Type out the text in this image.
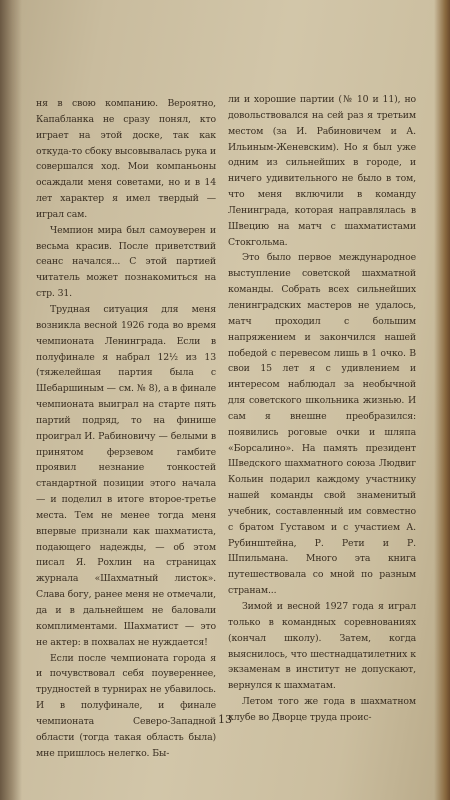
ня в свою компанию. Вероятно, Капабланка не сразу понял, кто играет на этой доске, так как откуда-то сбоку высовывалась рука и совершался ход. Мои компаньоны осаждали меня советами, но и в 14 лет характер я имел твердый — играл сам.

Чемпион мира был самоуверен и весьма красив. После приветствий сеанс начался... С этой партией читатель может познакомиться на стр. 31.

Трудная ситуация для меня возникла весной 1926 года во время чемпионата Ленинграда. Если в полуфинале я набрал 12½ из 13 (тяжелейшая партия была с Шебаршиным — см. № 8), а в финале чемпионата выиграл на старте пять партий подряд, то на финише проиграл И. Рабиновичу — белыми в принятом ферзевом гамбите проявил незнание тонкостей стандартной позиции этого начала — и поделил в итоге второе-третье места. Тем не менее тогда меня впервые признали как шахматиста, подающего надежды, — об этом писал Я. Рохлин на страницах журнала «Шахматный листок». Слава богу, ранее меня не отмечали, да и в дальнейшем не баловали комплиментами. Шахматист — это не актер: в похвалах не нуждается!

Если после чемпионата города я и почувствовал себя поувереннее, трудностей в турнирах не убавилось. И в полуфинале, и финале чемпионата Северо-Западной области (тогда такая область была) мне пришлось нелегко. Бы-

ли и хорошие партии (№ 10 и 11), но довольствовался на сей раз я третьим местом (за И. Рабиновичем и А. Ильиным-Женевским). Но я был уже одним из сильнейших в городе, и ничего удивительного не было в том, что меня включили в команду Ленинграда, которая направлялась в Швецию на матч с шахматистами Стокгольма.

Это было первое международное выступление советской шахматной команды. Собрать всех сильнейших ленинградских мастеров не удалось, матч проходил с большим напряжением и закончился нашей победой с перевесом лишь в 1 очко. В свои 15 лет я с удивлением и интересом наблюдал за необычной для советского школьника жизнью. И сам я внешне преобразился: появились роговые очки и шляпа «Борсалино». На память президент Шведского шахматного союза Людвиг Кольин подарил каждому участнику нашей команды свой знаменитый учебник, составленный им совместно с братом Густавом и с участием А. Рубинштейна, Р. Рети и Р. Шпильмана. Много эта книга путешествовала со мной по разным странам...

Зимой и весной 1927 года я играл только в командных соревнованиях (кончал школу). Затем, когда выяснилось, что шестнадцатилетних к экзаменам в институт не допускают, вернулся к шахматам.

Летом того же года в шахматном клубе во Дворце труда проис-

13
